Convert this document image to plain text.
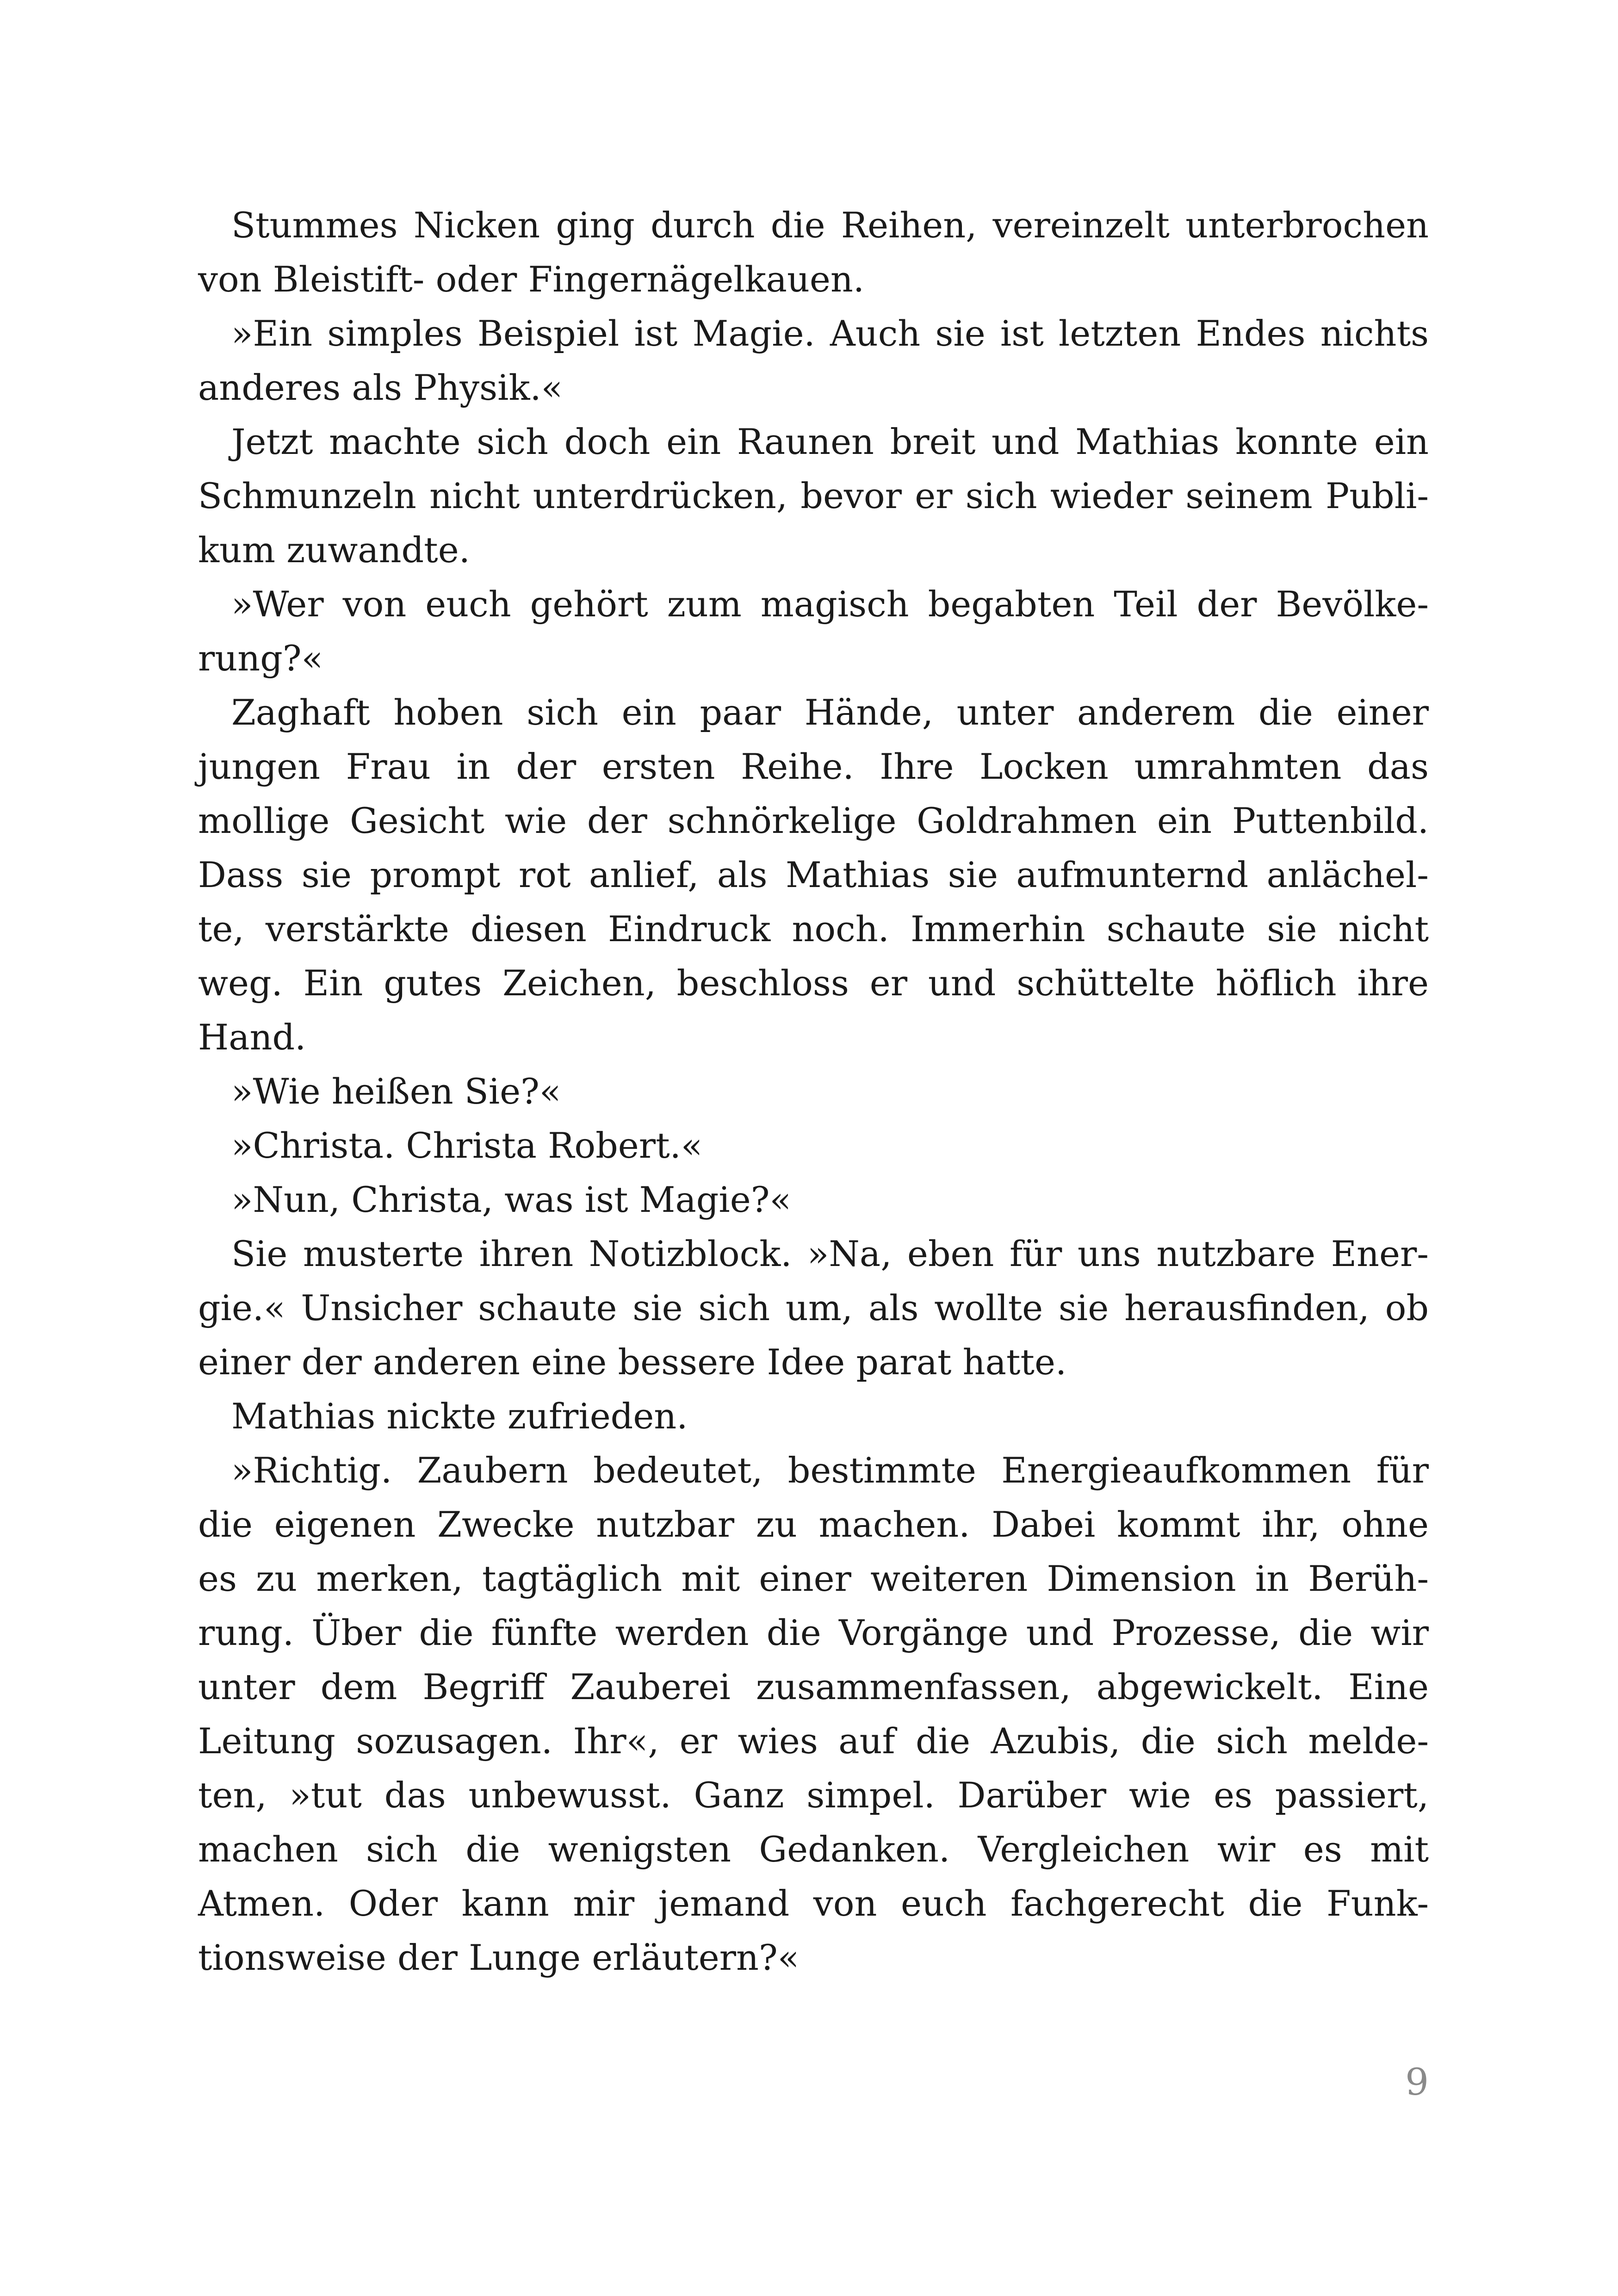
Stummes Nicken ging durch die Reihen, vereinzelt unterbrochen
von Bleistift- oder Fingernägelkauen.
»Ein simples Beispiel ist Magie. Auch sie ist letzten Endes nichts
anderes als Physik.«
Jetzt machte sich doch ein Raunen breit und Mathias konnte ein
Schmunzeln nicht unterdrücken, bevor er sich wieder seinem Publi-
kum zuwandte.
»Wer von euch gehört zum magisch begabten Teil der Bevölke-
rung?«
Zaghaft hoben sich ein paar Hände, unter anderem die einer
jungen Frau in der ersten Reihe. Ihre Locken umrahmten das
mollige Gesicht wie der schnörkelige Goldrahmen ein Puttenbild.
Dass sie prompt rot anlief, als Mathias sie aufmunternd anlächel-
te, verstärkte diesen Eindruck noch. Immerhin schaute sie nicht
weg. Ein gutes Zeichen, beschloss er und schüttelte höflich ihre
Hand.
»Wie heißen Sie?«
»Christa. Christa Robert.«
»Nun, Christa, was ist Magie?«
Sie musterte ihren Notizblock. »Na, eben für uns nutzbare Ener-
gie.« Unsicher schaute sie sich um, als wollte sie herausfinden, ob
einer der anderen eine bessere Idee parat hatte.
Mathias nickte zufrieden.
»Richtig. Zaubern bedeutet, bestimmte Energieaufkommen für
die eigenen Zwecke nutzbar zu machen. Dabei kommt ihr, ohne
es zu merken, tagtäglich mit einer weiteren Dimension in Berüh-
rung. Über die fünfte werden die Vorgänge und Prozesse, die wir
unter dem Begriff Zauberei zusammenfassen, abgewickelt. Eine
Leitung sozusagen. Ihr«, er wies auf die Azubis, die sich melde-
ten, »tut das unbewusst. Ganz simpel. Darüber wie es passiert,
machen sich die wenigsten Gedanken. Vergleichen wir es mit
Atmen. Oder kann mir jemand von euch fachgerecht die Funk-
tionsweise der Lunge erläutern?«
9
